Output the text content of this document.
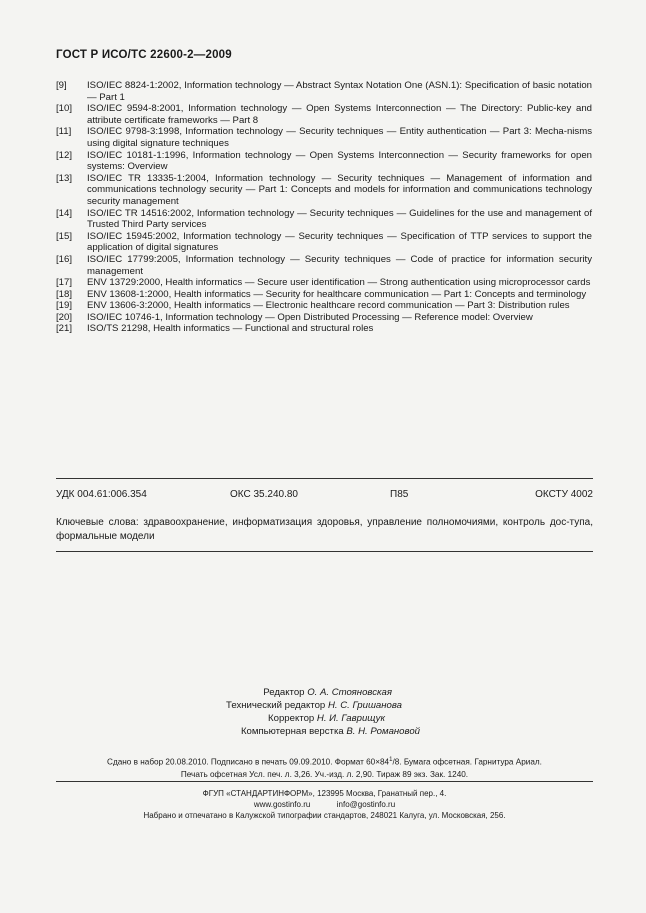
ГОСТ Р ИСО/ТС 22600-2—2009
[9]	ISO/IEC 8824-1:2002, Information technology — Abstract Syntax Notation One (ASN.1): Specification of basic notation — Part 1
[10]	ISO/IEC 9594-8:2001, Information technology — Open Systems Interconnection — The Directory: Public-key and attribute certificate frameworks — Part 8
[11]	ISO/IEC 9798-3:1998, Information technology — Security techniques — Entity authentication — Part 3: Mecha-nisms using digital signature techniques
[12]	ISO/IEC 10181-1:1996, Information technology — Open Systems Interconnection — Security frameworks for open systems: Overview
[13]	ISO/IEC TR 13335-1:2004, Information technology — Security techniques — Management of information and communications technology security — Part 1: Concepts and models for information and communications technology security management
[14]	ISO/IEC TR 14516:2002, Information technology — Security techniques — Guidelines for the use and management of Trusted Third Party services
[15]	ISO/IEC 15945:2002, Information technology — Security techniques — Specification of TTP services to support the application of digital signatures
[16]	ISO/IEC 17799:2005, Information technology — Security techniques — Code of practice for information security management
[17]	ENV 13729:2000, Health informatics — Secure user identification — Strong authentication using microprocessor cards
[18]	ENV 13608-1:2000, Health informatics — Security for healthcare communication — Part 1: Concepts and terminology
[19]	ENV 13606-3:2000, Health informatics — Electronic healthcare record communication — Part 3: Distribution rules
[20]	ISO/IEC 10746-1, Information technology — Open Distributed Processing — Reference model: Overview
[21]	ISO/TS 21298, Health informatics — Functional and structural roles
УДК 004.61:006.354	ОКС 35.240.80	П85	ОКСТУ 4002
Ключевые слова: здравоохранение, информатизация здоровья, управление полномочиями, контроль дос-тупа, формальные модели
Редактор О. А. Стояновская
Технический редактор Н. С. Гришанова
Корректор Н. И. Гаврищук
Компьютерная верстка В. Н. Романовой
Сдано в набор 20.08.2010. Подписано в печать 09.09.2010. Формат $60\times 84^1/8$. Бумага офсетная. Гарнитура Ариал.
Печать офсетная Усл. печ. л. 3,26. Уч.-изд. л. 2,90. Тираж 89 экз. Зак. 1240.
ФГУП «СТАНДАРТИНФОРМ», 123995 Москва, Гранатный пер., 4.
www.gostinfo.ru	info@gostinfo.ru
Набрано и отпечатано в Калужской типографии стандартов, 248021 Калуга, ул. Московская, 256.
